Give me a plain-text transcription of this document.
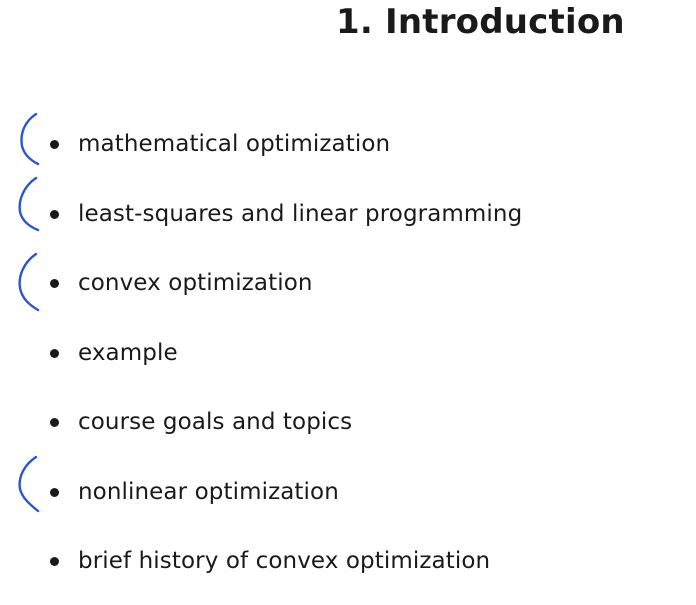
1. Introduction
mathematical optimization
least-squares and linear programming
convex optimization
example
course goals and topics
nonlinear optimization
brief history of convex optimization
